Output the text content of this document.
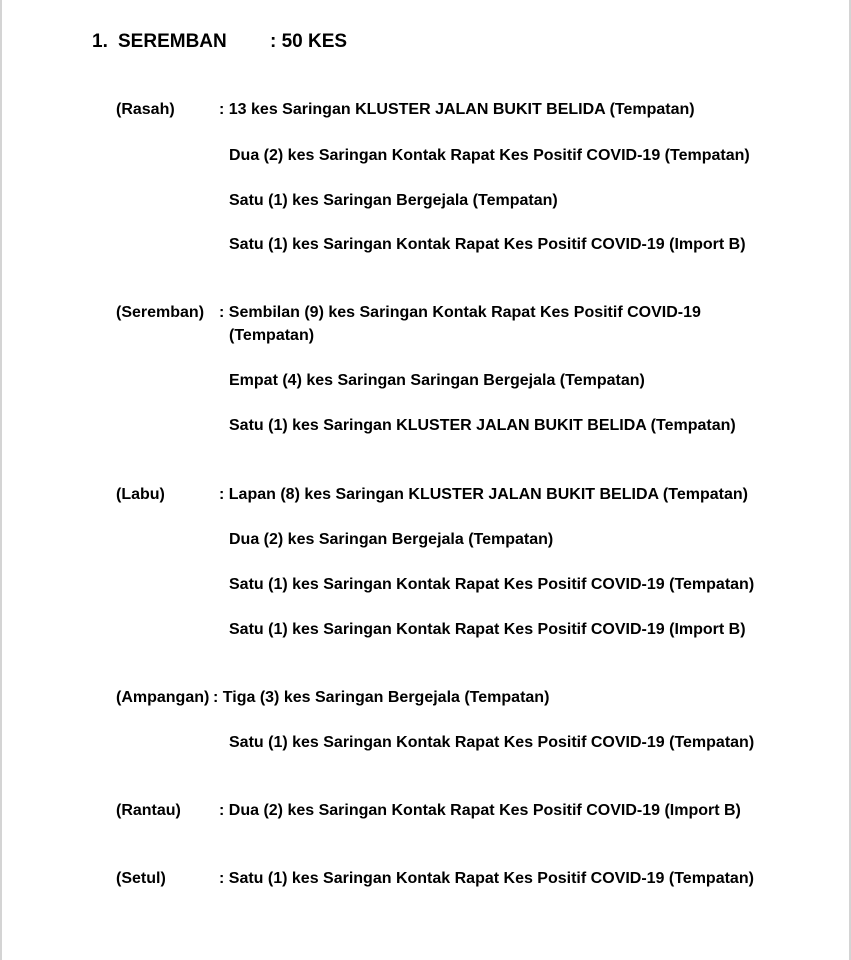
1. SEREMBAN : 50 KES
(Rasah)	: 13 kes Saringan KLUSTER JALAN BUKIT BELIDA (Tempatan)
Dua (2) kes Saringan Kontak Rapat Kes Positif COVID-19 (Tempatan)
Satu (1) kes Saringan Bergejala (Tempatan)
Satu (1) kes Saringan Kontak Rapat Kes Positif COVID-19 (Import B)
(Seremban) : Sembilan (9) kes Saringan Kontak Rapat Kes Positif COVID-19
(Tempatan)
Empat (4) kes Saringan Saringan Bergejala (Tempatan)
Satu (1) kes Saringan KLUSTER JALAN BUKIT BELIDA (Tempatan)
(Labu)	: Lapan (8) kes Saringan KLUSTER JALAN BUKIT BELIDA (Tempatan)
Dua (2) kes Saringan Bergejala (Tempatan)
Satu (1) kes Saringan Kontak Rapat Kes Positif COVID-19 (Tempatan)
Satu (1) kes Saringan Kontak Rapat Kes Positif COVID-19 (Import B)
(Ampangan) : Tiga (3) kes Saringan Bergejala (Tempatan)
Satu (1) kes Saringan Kontak Rapat Kes Positif COVID-19 (Tempatan)
(Rantau) : Dua (2) kes Saringan Kontak Rapat Kes Positif COVID-19 (Import B)
(Setul)	: Satu (1) kes Saringan Kontak Rapat Kes Positif COVID-19 (Tempatan)
